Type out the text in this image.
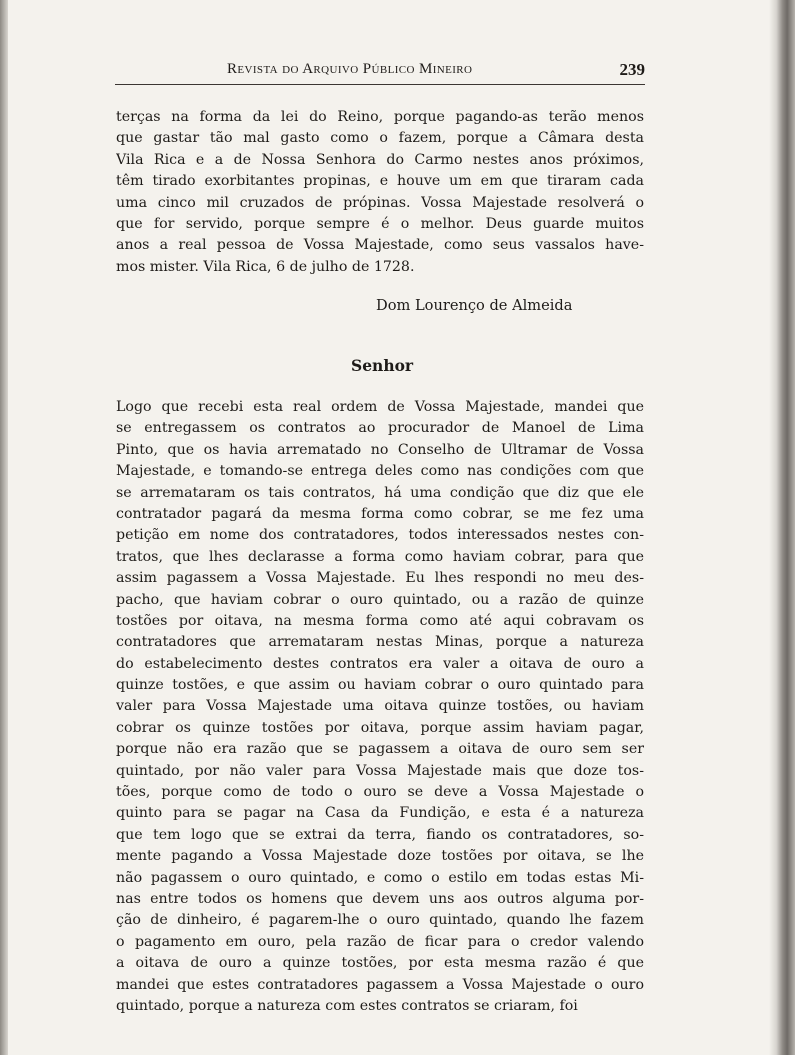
Revista do Arquivo Público Mineiro	239
terças na forma da lei do Reino, porque pagando-as terão menos
que gastar tão mal gasto como o fazem, porque a Câmara desta
Vila Rica e a de Nossa Senhora do Carmo nestes anos próximos,
têm tirado exorbitantes propinas, e houve um em que tiraram cada
uma cinco mil cruzados de própinas. Vossa Majestade resolverá o
que for servido, porque sempre é o melhor. Deus guarde muitos
anos a real pessoa de Vossa Majestade, como seus vassalos have-
mos mister. Vila Rica, 6 de julho de 1728.
Dom Lourenço de Almeida
Senhor
Logo que recebi esta real ordem de Vossa Majestade, mandei que
se entregassem os contratos ao procurador de Manoel de Lima
Pinto, que os havia arrematado no Conselho de Ultramar de Vossa
Majestade, e tomando-se entrega deles como nas condições com que
se arremataram os tais contratos, há uma condição que diz que ele
contratador pagará da mesma forma como cobrar, se me fez uma
petição em nome dos contratadores, todos interessados nestes con-
tratos, que lhes declarasse a forma como haviam cobrar, para que
assim pagassem a Vossa Majestade. Eu lhes respondi no meu des-
pacho, que haviam cobrar o ouro quintado, ou a razão de quinze
tostões por oitava, na mesma forma como até aqui cobravam os
contratadores que arremataram nestas Minas, porque a natureza
do estabelecimento destes contratos era valer a oitava de ouro a
quinze tostões, e que assim ou haviam cobrar o ouro quintado para
valer para Vossa Majestade uma oitava quinze tostões, ou haviam
cobrar os quinze tostões por oitava, porque assim haviam pagar,
porque não era razão que se pagassem a oitava de ouro sem ser
quintado, por não valer para Vossa Majestade mais que doze tos-
tões, porque como de todo o ouro se deve a Vossa Majestade o
quinto para se pagar na Casa da Fundição, e esta é a natureza
que tem logo que se extrai da terra, fiando os contratadores, so-
mente pagando a Vossa Majestade doze tostões por oitava, se lhe
não pagassem o ouro quintado, e como o estilo em todas estas Mi-
nas entre todos os homens que devem uns aos outros alguma por-
ção de dinheiro, é pagarem-lhe o ouro quintado, quando lhe fazem
o pagamento em ouro, pela razão de ficar para o credor valendo
a oitava de ouro a quinze tostões, por esta mesma razão é que
mandei que estes contratadores pagassem a Vossa Majestade o ouro
quintado, porque a natureza com estes contratos se criaram, foi
